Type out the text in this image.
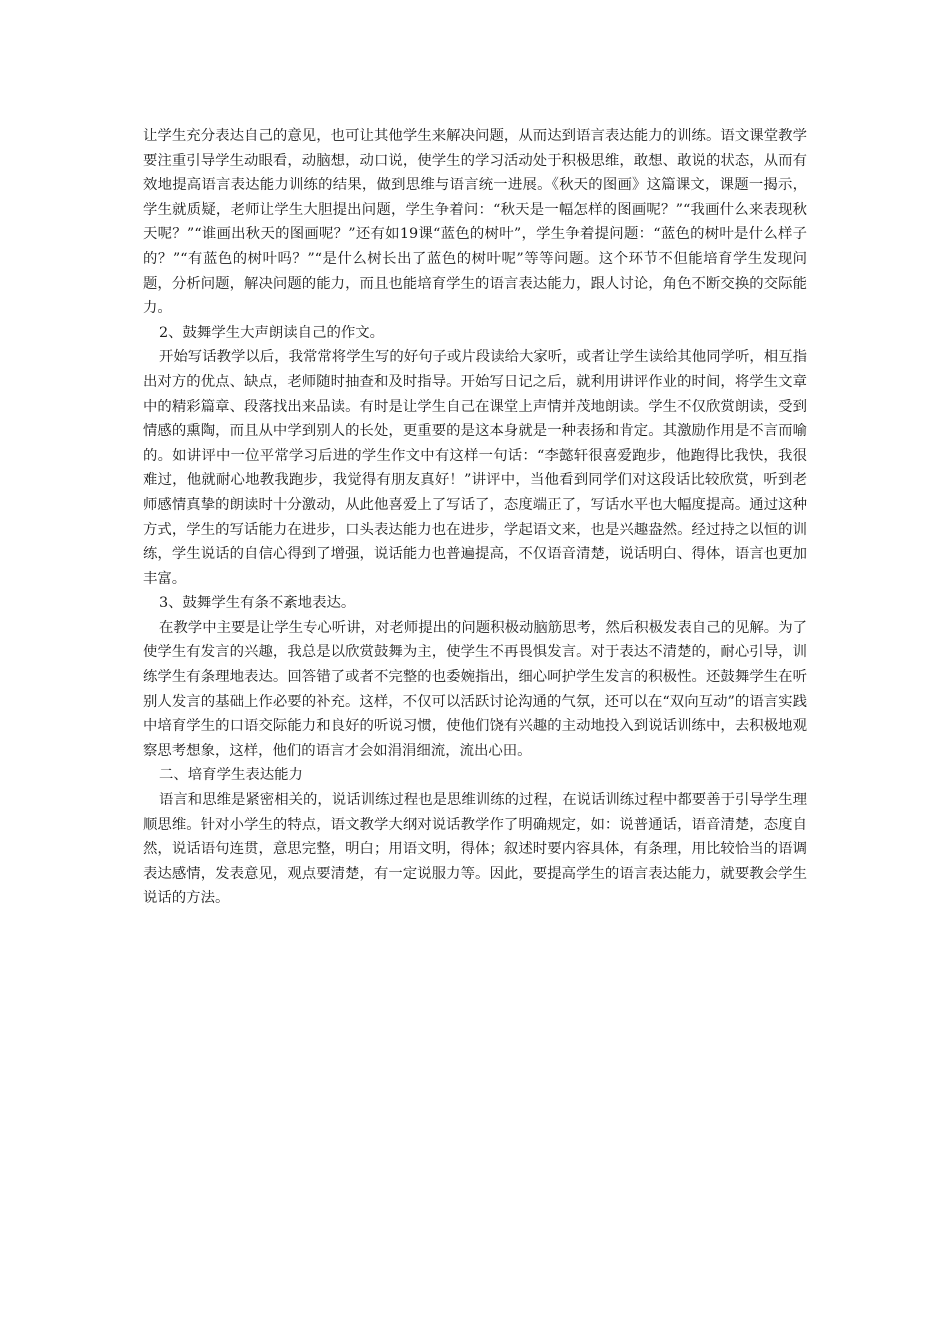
让学生充分表达自己的意见，也可让其他学生来解决问题，从而达到语言表达能力的训练。语文课堂教学要注重引导学生动眼看，动脑想，动口说，使学生的学习活动处于积极思维，敢想、敢说的状态，从而有效地提高语言表达能力训练的结果，做到思维与语言统一进展。《秋天的图画》这篇课文，课题一揭示，学生就质疑，老师让学生大胆提出问题，学生争着问：“秋天是一幅怎样的图画呢？”“我画什么来表现秋天呢？”“谁画出秋天的图画呢？”还有如19课“蓝色的树叶”，学生争着提问题：“蓝色的树叶是什么样子的？”“有蓝色的树叶吗？”“是什么树长出了蓝色的树叶呢”等等问题。这个环节不但能培育学生发现问题，分析问题，解决问题的能力，而且也能培育学生的语言表达能力，跟人讨论，角色不断交换的交际能力。

2、鼓舞学生大声朗读自己的作文。

开始写话教学以后，我常常将学生写的好句子或片段读给大家听，或者让学生读给其他同学听，相互指出对方的优点、缺点，老师随时抽查和及时指导。开始写日记之后，就利用讲评作业的时间，将学生文章中的精彩篇章、段落找出来品读。有时是让学生自己在课堂上声情并茂地朗读。学生不仅欣赏朗读，受到情感的熏陶，而且从中学到别人的长处，更重要的是这本身就是一种表扬和肯定。其激励作用是不言而喻的。如讲评中一位平常学习后进的学生作文中有这样一句话：“李懿轩很喜爱跑步，他跑得比我快，我很难过，他就耐心地教我跑步，我觉得有朋友真好！”讲评中，当他看到同学们对这段话比较欣赏，听到老师感情真挚的朗读时十分激动，从此他喜爱上了写话了，态度端正了，写话水平也大幅度提高。通过这种方式，学生的写话能力在进步，口头表达能力也在进步，学起语文来，也是兴趣盎然。经过持之以恒的训练，学生说话的自信心得到了增强，说话能力也普遍提高，不仅语音清楚，说话明白、得体，语言也更加丰富。

3、鼓舞学生有条不紊地表达。

在教学中主要是让学生专心听讲，对老师提出的问题积极动脑筋思考，然后积极发表自己的见解。为了使学生有发言的兴趣，我总是以欣赏鼓舞为主，使学生不再畏惧发言。对于表达不清楚的，耐心引导，训练学生有条理地表达。回答错了或者不完整的也委婉指出，细心呵护学生发言的积极性。还鼓舞学生在听别人发言的基础上作必要的补充。这样，不仅可以活跃讨论沟通的气氛，还可以在“双向互动”的语言实践中培育学生的口语交际能力和良好的听说习惯，使他们饶有兴趣的主动地投入到说话训练中，去积极地观察思考想象，这样，他们的语言才会如涓涓细流，流出心田。

二、培育学生表达能力

语言和思维是紧密相关的，说话训练过程也是思维训练的过程，在说话训练过程中都要善于引导学生理顺思维。针对小学生的特点，语文教学大纲对说话教学作了明确规定，如：说普通话，语音清楚，态度自然，说话语句连贯，意思完整，明白；用语文明，得体；叙述时要内容具体，有条理，用比较恰当的语调表达感情，发表意见，观点要清楚，有一定说服力等。因此，要提高学生的语言表达能力，就要教会学生说话的方法。
